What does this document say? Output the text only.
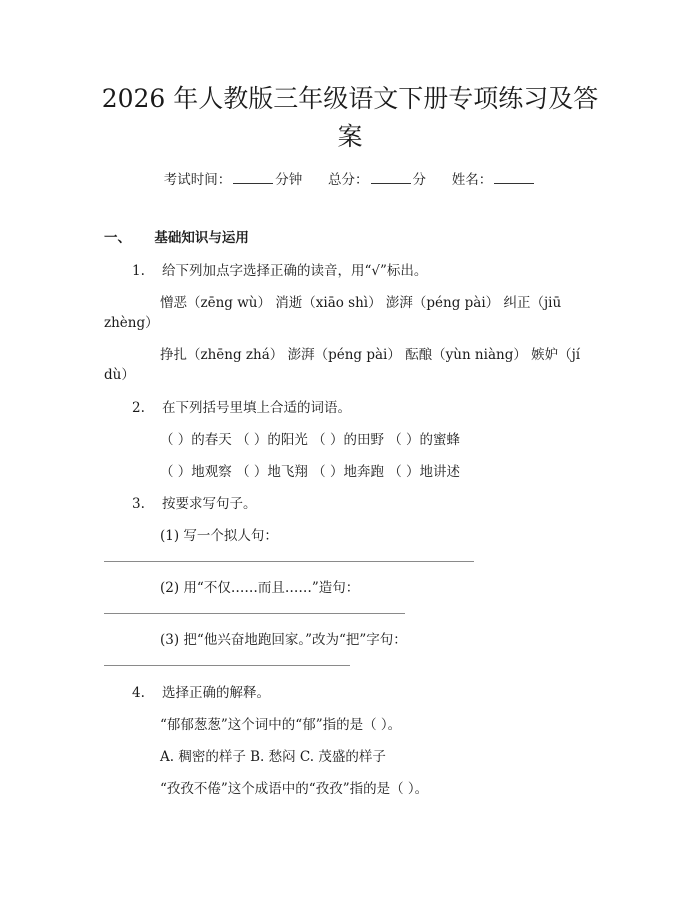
2026 年人教版三年级语文下册专项练习及答
案
考试时间：	分钟 总分：	分 姓名：
一、 基础知识与运用
1. 给下列加点字选择正确的读音，用“√”标出。
憎恶（zēng wù） 消逝（xiāo shì） 澎湃（péng pài） 纠正（jiū
zhèng）
挣扎（zhēng zhá） 澎湃（péng pài） 酝酿（yùn niàng） 嫉妒（jí
dù）
2. 在下列括号里填上合适的词语。
（ ）的春天 （ ）的阳光 （ ）的田野 （ ）的蜜蜂
（ ）地观察 （ ）地飞翔 （ ）地奔跑 （ ）地讲述
3. 按要求写句子。
(1) 写一个拟人句：
(2) 用“不仅……而且……”造句：
(3) 把“他兴奋地跑回家。”改为“把”字句：
4. 选择正确的解释。
“郁郁葱葱”这个词中的“郁”指的是（ ）。
A. 稠密的样子 B. 愁闷 C. 茂盛的样子
“孜孜不倦”这个成语中的“孜孜”指的是（ ）。
